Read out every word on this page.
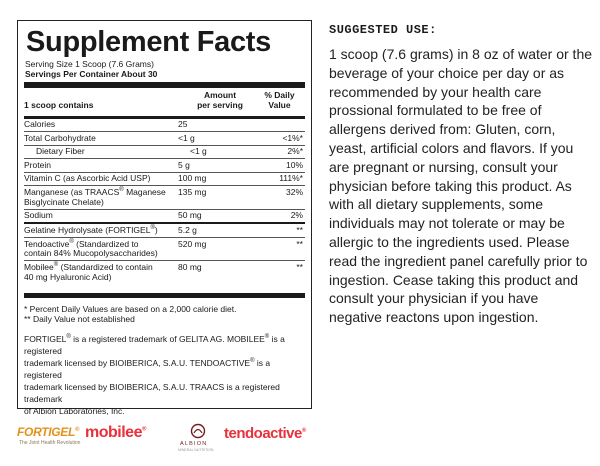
Supplement Facts
Serving Size 1 Scoop (7.6 Grams)
Servings Per Container About 30
1 scoop contains
Amount
per serving
% Daily
Value
Calories	25
Total Carbohydrate	<1 g	<1%*
Dietary Fiber	<1 g	2%*
Protein	5 g	10%
Vitamin C (as Ascorbic Acid USP)	100 mg	111%*
Manganese (as TRAACS® Maganese
Bisglycinate Chelate)
135 mg	32%
Sodium	50 mg	2%
Gelatine Hydrolysate (FORTIGEL®)	5.2 g	**
Tendoactive® (Standardized to
contain 84% Mucopolysaccharides)
520 mg	**
Mobilee® (Standardized to contain
40 mg Hyaluronic Acid)
80 mg	**
* Percent Daily Values are based on a 2,000 calorie diet.
** Daily Value not established
FORTIGEL® is a registered trademark of GELITA AG. MOBILEE® is a registered
trademark licensed by BIOIBERICA, S.A.U. TENDOACTIVE® is a registered
trademark licensed by BIOIBERICA, S.A.U. TRAACS is a registered trademark
of Albion Laboratories, Inc.
FORTIGEL®
The Joint Health Revolution
mobilee®
ALBION
MINERAL NUTRITION
tendoactive®
SUGGESTED USE:
1 scoop (7.6 grams) in 8 oz of water or the beverage of your choice per day or as recommended by your health care prossional formulated to be free of allergens derived from: Gluten, corn, yeast, artificial colors and flavors. If you are pregnant or nursing, consult your physician before taking this product. As with all dietary supplements, some individuals may not tolerate or may be allergic to the ingredients used. Please read the ingredient panel carefully prior to ingestion. Cease taking this product and consult your physician if you have negative reactons upon ingestion.
